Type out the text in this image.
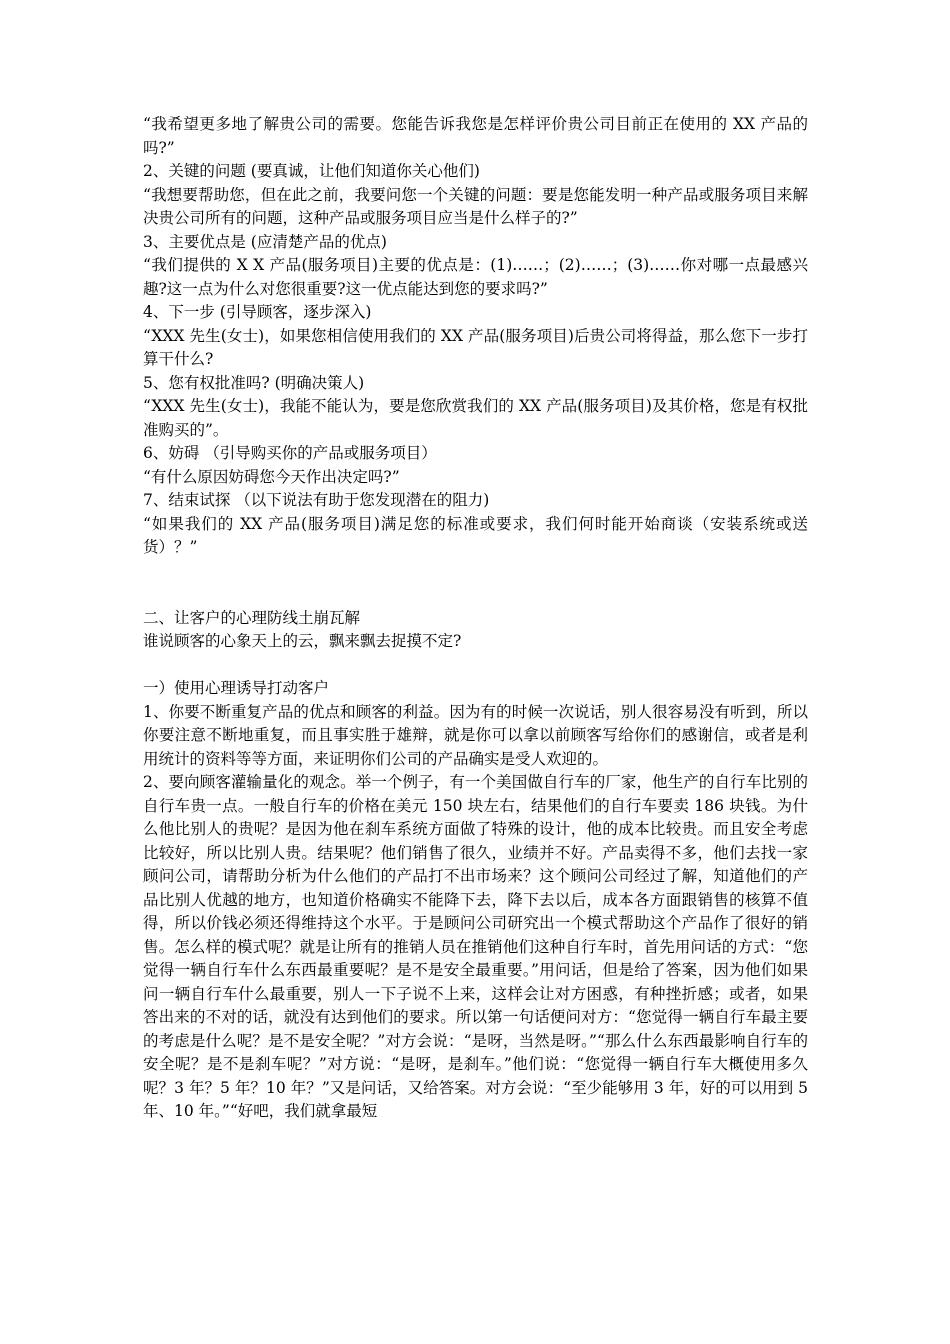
“我希望更多地了解贵公司的需要。您能告诉我您是怎样评价贵公司目前正在使用的 XX 产品的吗?”

2、关键的问题 (要真诚，让他们知道你关心他们)

“我想要帮助您，但在此之前，我要问您一个关键的问题：要是您能发明一种产品或服务项目来解决贵公司所有的问题，这种产品或服务项目应当是什么样子的?”

3、主要优点是 (应清楚产品的优点)

“我们提供的 X X 产品(服务项目)主要的优点是：(1)……；(2)……；(3)……你对哪一点最感兴趣?这一点为什么对您很重要?这一优点能达到您的要求吗?”

4、下一步 (引导顾客，逐步深入)

“XXX 先生(女士)，如果您相信使用我们的 XX 产品(服务项目)后贵公司将得益，那么您下一步打算干什么?

5、您有权批准吗? (明确决策人)

“XXX 先生(女士)，我能不能认为，要是您欣赏我们的 XX 产品(服务项目)及其价格，您是有权批准购买的”。

6、妨碍 （引导购买你的产品或服务项目）

“有什么原因妨碍您今天作出决定吗?”

7、结束试探 （以下说法有助于您发现潜在的阻力)

“如果我们的 XX 产品(服务项目)满足您的标准或要求，我们何时能开始商谈（安装系统或送货）？”

二、让客户的心理防线土崩瓦解

谁说顾客的心象天上的云，飘来飘去捉摸不定?

一）使用心理诱导打动客户

1、你要不断重复产品的优点和顾客的利益。因为有的时候一次说话，别人很容易没有听到，所以你要注意不断地重复，而且事实胜于雄辩，就是你可以拿以前顾客写给你们的感谢信，或者是利用统计的资料等等方面，来证明你们公司的产品确实是受人欢迎的。

2、要向顾客灌输量化的观念。举一个例子，有一个美国做自行车的厂家，他生产的自行车比别的自行车贵一点。一般自行车的价格在美元 150 块左右，结果他们的自行车要卖 186 块钱。为什么他比别人的贵呢？是因为他在刹车系统方面做了特殊的设计，他的成本比较贵。而且安全考虑比较好，所以比别人贵。结果呢？他们销售了很久，业绩并不好。产品卖得不多，他们去找一家顾问公司，请帮助分析为什么他们的产品打不出市场来？这个顾问公司经过了解，知道他们的产品比别人优越的地方，也知道价格确实不能降下去，降下去以后，成本各方面跟销售的核算不值得，所以价钱必须还得维持这个水平。于是顾问公司研究出一个模式帮助这个产品作了很好的销售。怎么样的模式呢？就是让所有的推销人员在推销他们这种自行车时，首先用问话的方式：“您觉得一辆自行车什么东西最重要呢？是不是安全最重要。”用问话，但是给了答案，因为他们如果问一辆自行车什么最重要，别人一下子说不上来，这样会让对方困惑，有种挫折感；或者，如果答出来的不对的话，就没有达到他们的要求。所以第一句话便问对方：“您觉得一辆自行车最主要的考虑是什么呢？是不是安全呢？”对方会说：“是呀，当然是呀。”“那么什么东西最影响自行车的安全呢？是不是刹车呢？”对方说：“是呀，是刹车。”他们说：“您觉得一辆自行车大概使用多久呢？3 年？5 年？10 年？”又是问话，又给答案。对方会说：“至少能够用 3 年，好的可以用到 5 年、10 年。”“好吧，我们就拿最短
